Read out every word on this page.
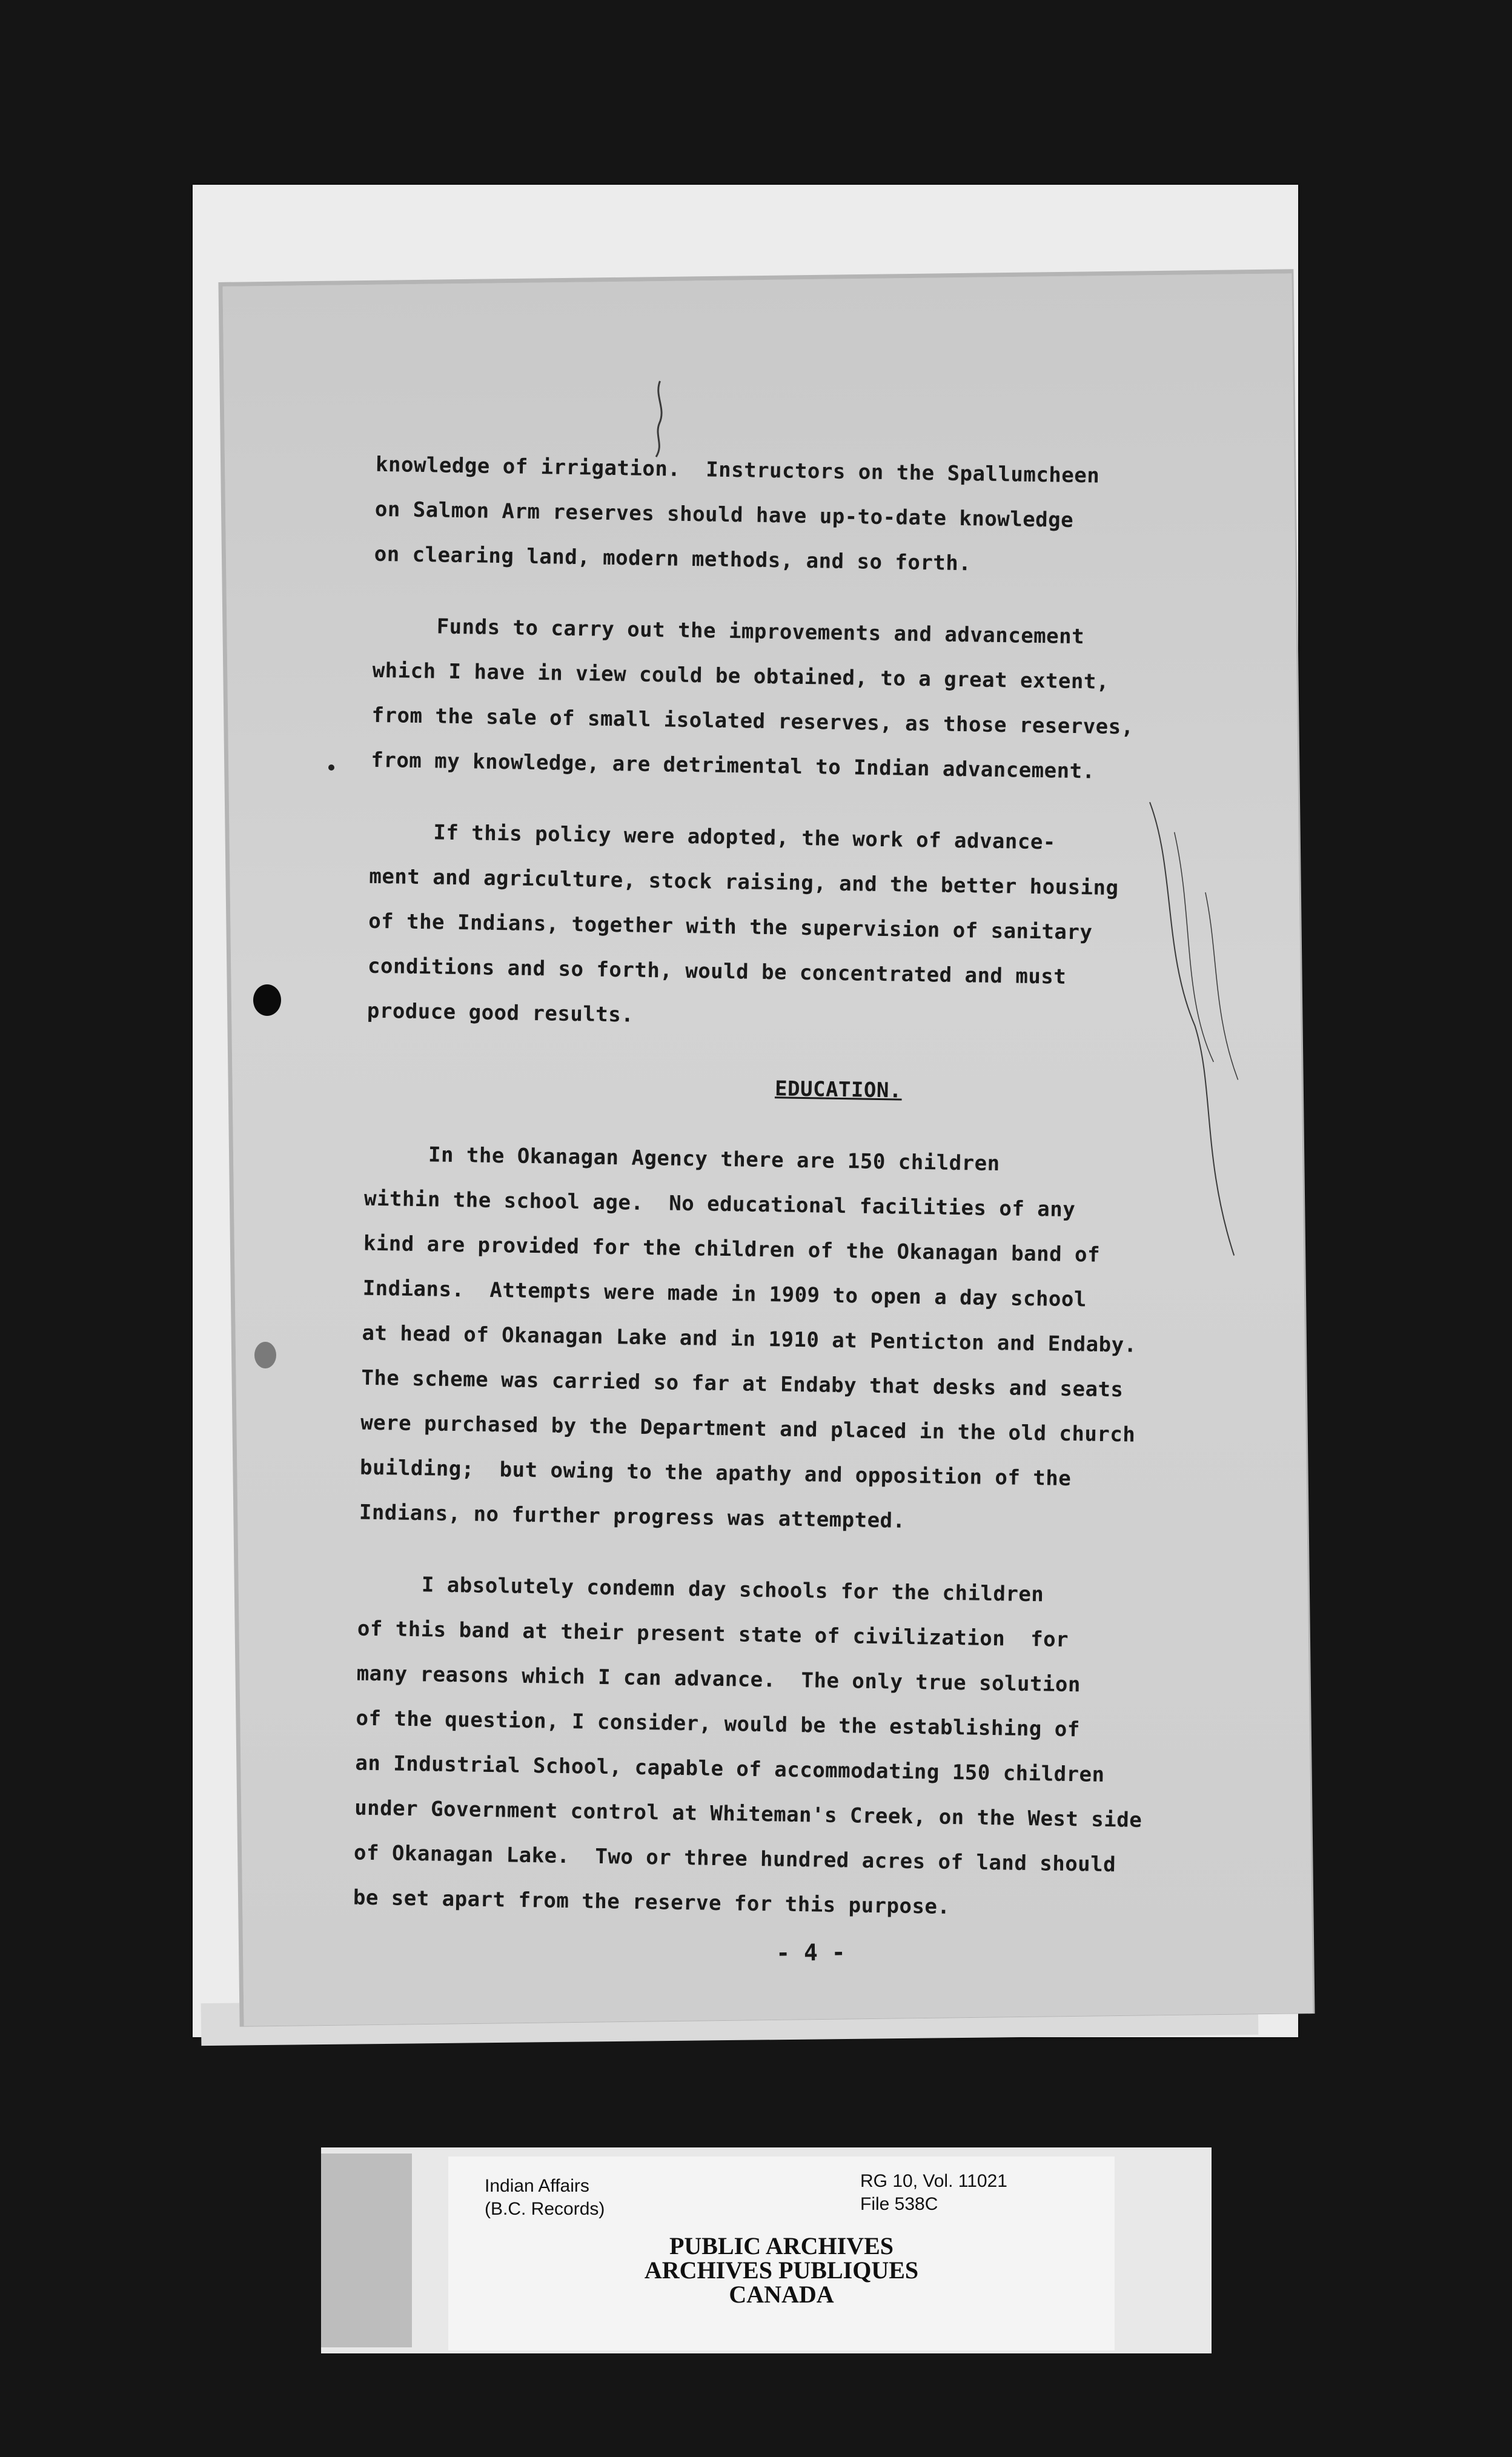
knowledge of irrigation.  Instructors on the Spallumcheen
on Salmon Arm reserves should have up-to-date knowledge
on clearing land, modern methods, and so forth.
Funds to carry out the improvements and advancement
which I have in view could be obtained, to a great extent,
from the sale of small isolated reserves, as those reserves,
from my knowledge, are detrimental to Indian advancement.
If this policy were adopted, the work of advance-
ment and agriculture, stock raising, and the better housing
of the Indians, together with the supervision of sanitary
conditions and so forth, would be concentrated and must
produce good results.
EDUCATION.
In the Okanagan Agency there are 150 children
within the school age.  No educational facilities of any
kind are provided for the children of the Okanagan band of
Indians.  Attempts were made in 1909 to open a day school
at head of Okanagan Lake and in 1910 at Penticton and Endaby.
The scheme was carried so far at Endaby that desks and seats
were purchased by the Department and placed in the old church
building;  but owing to the apathy and opposition of the
Indians, no further progress was attempted.
I absolutely condemn day schools for the children
of this band at their present state of civilization  for
many reasons which I can advance.  The only true solution
of the question, I consider, would be the establishing of
an Industrial School, capable of accommodating 150 children
under Government control at Whiteman's Creek, on the West side
of Okanagan Lake.  Two or three hundred acres of land should
be set apart from the reserve for this purpose.
- 4 -
Indian Affairs
(B.C. Records)
RG 10, Vol. 11021
File 538C
PUBLIC ARCHIVES
ARCHIVES PUBLIQUES
CANADA
